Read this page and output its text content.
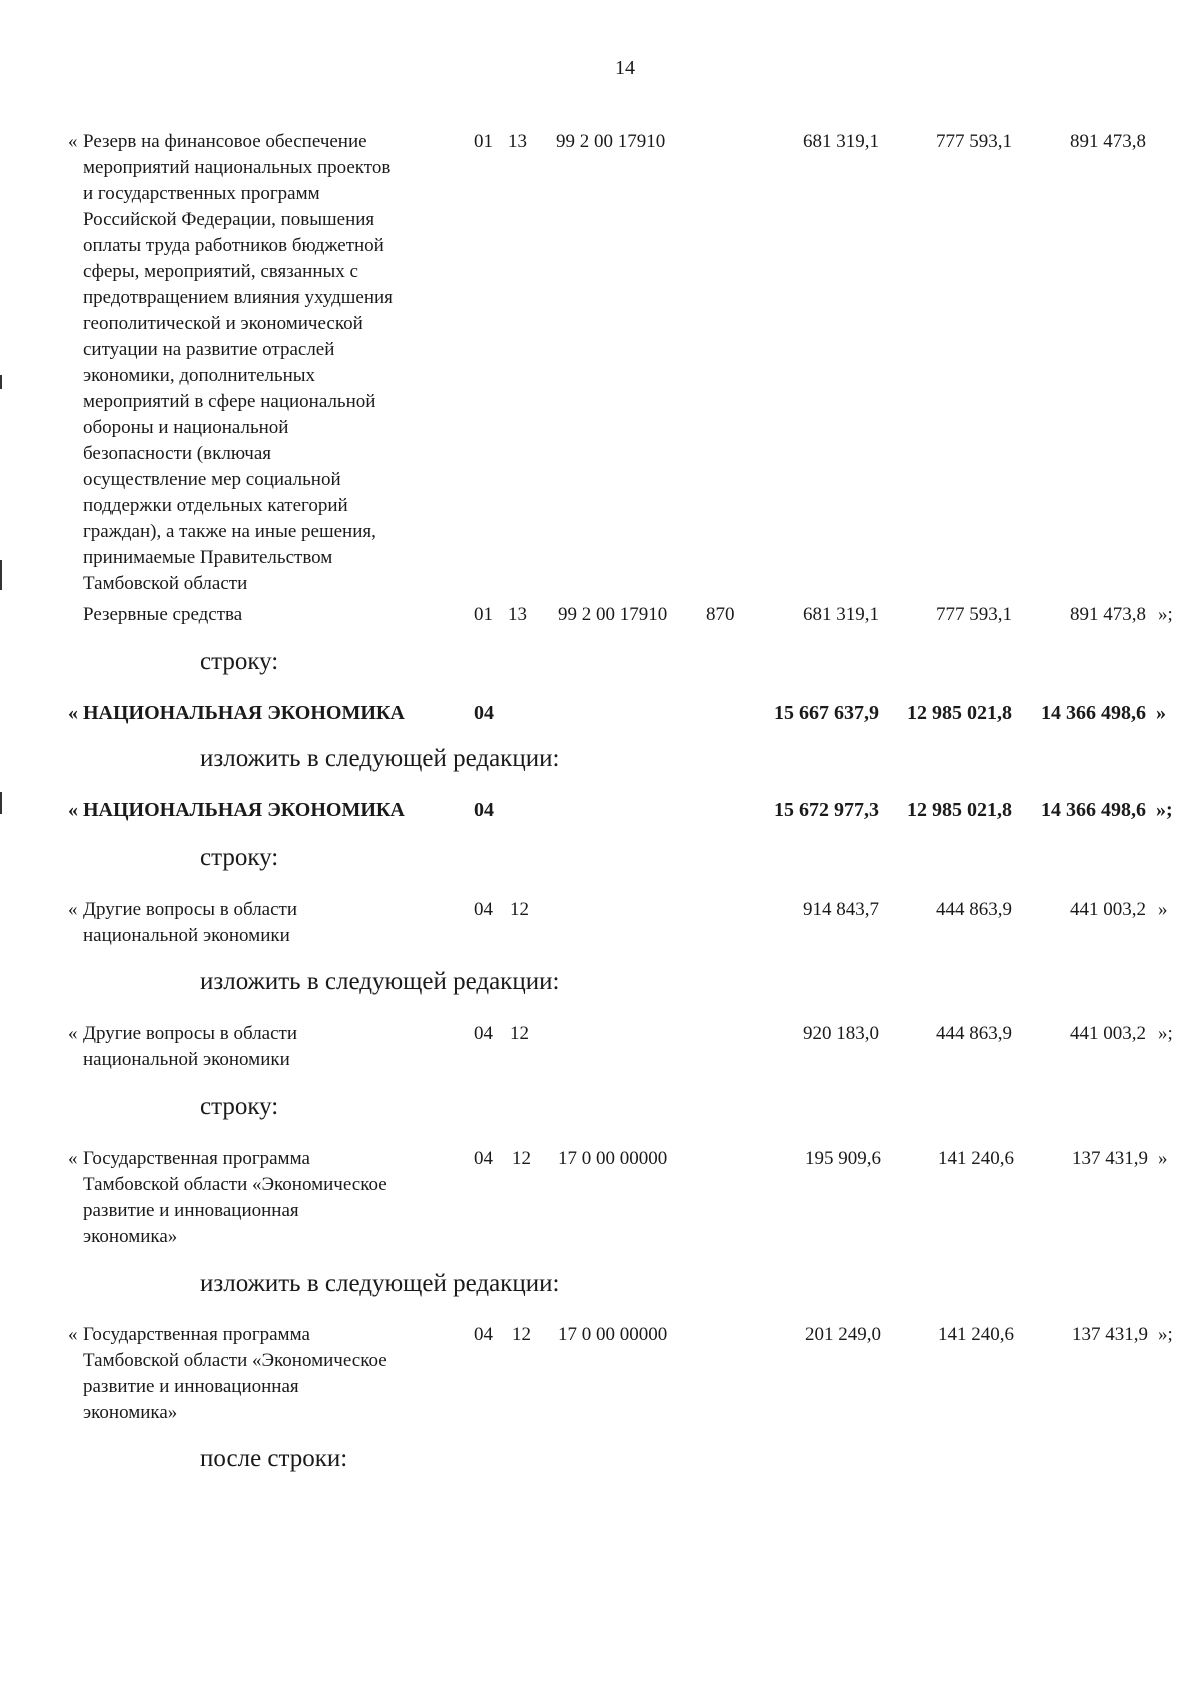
14
« Резерв на финансовое обеспечение
мероприятий национальных проектов
и государственных программ
Российской Федерации, повышения
оплаты труда работников бюджетной
сферы, мероприятий, связанных с
предотвращением влияния ухудшения
геополитической и экономической
ситуации на развитие отраслей
экономики, дополнительных
мероприятий в сфере национальной
обороны и национальной
безопасности (включая
осуществление мер социальной
поддержки отдельных категорий
граждан), а также на иные решения,
принимаемые Правительством
Тамбовской области
01 13 99 2 00 17910	681 319,1	777 593,1	891 473,8
Резервные средства	01 13 99 2 00 17910 870	681 319,1	777 593,1	891 473,8 »;
строку:
« НАЦИОНАЛЬНАЯ ЭКОНОМИКА	04	15 667 637,9 12 985 021,8 14 366 498,6 »
изложить в следующей редакции:
« НАЦИОНАЛЬНАЯ ЭКОНОМИКА	04	15 672 977,3 12 985 021,8 14 366 498,6 »;
строку:
« Другие вопросы в области
национальной экономики
04 12	914 843,7	444 863,9	441 003,2 »
изложить в следующей редакции:
« Другие вопросы в области
национальной экономики
04 12	920 183,0	444 863,9	441 003,2 »;
строку:
« Государственная программа
Тамбовской области «Экономическое
развитие и инновационная
экономика»
04 12 17 0 00 00000	195 909,6	141 240,6	137 431,9 »
изложить в следующей редакции:
« Государственная программа
Тамбовской области «Экономическое
развитие и инновационная
экономика»
04 12 17 0 00 00000	201 249,0	141 240,6	137 431,9 »;
после строки:
